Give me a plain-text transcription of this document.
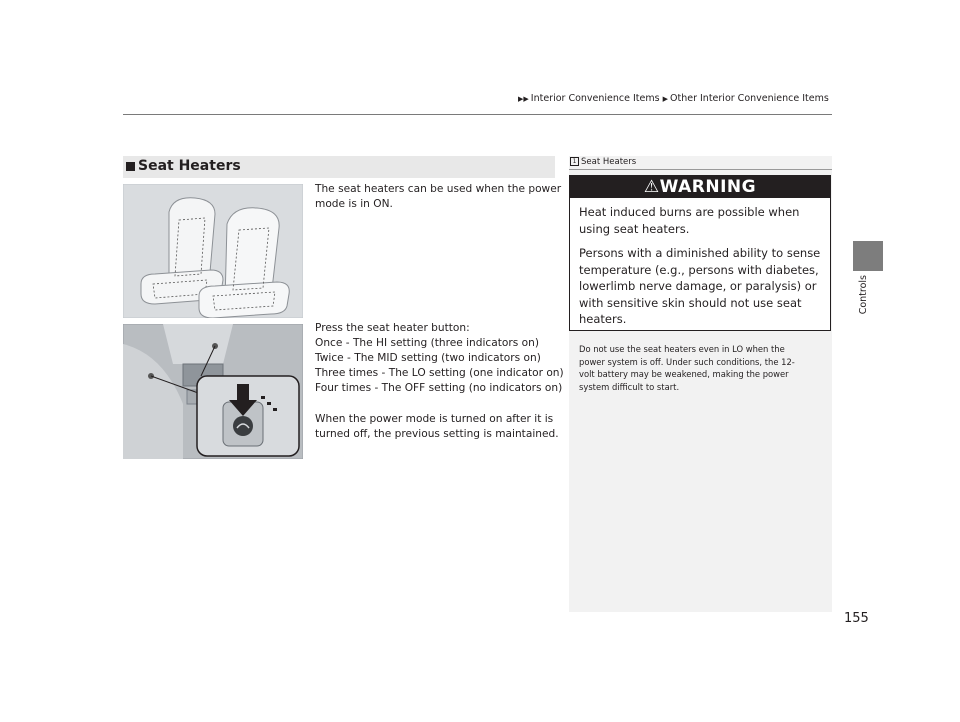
▶▶ Interior Convenience Items ▶ Other Interior Convenience Items
Controls
Seat Heaters
The seat heaters can be used when the power
mode is in ON.
Press the seat heater button:
Once - The HI setting (three indicators on)
Twice - The MID setting (two indicators on)
Three times - The LO setting (one indicator on)
Four times - The OFF setting (no indicators on)
When the power mode is turned on after it is
turned off, the previous setting is maintained.
1 Seat Heaters
⚠WARNING

Heat induced burns are possible when
using seat heaters.

Persons with a diminished ability to sense
temperature (e.g., persons with diabetes,
lowerlimb nerve damage, or paralysis) or
with sensitive skin should not use seat
heaters.

Do not use the seat heaters even in LO when the
power system is off. Under such conditions, the 12-
volt battery may be weakened, making the power
system difficult to start.
155
